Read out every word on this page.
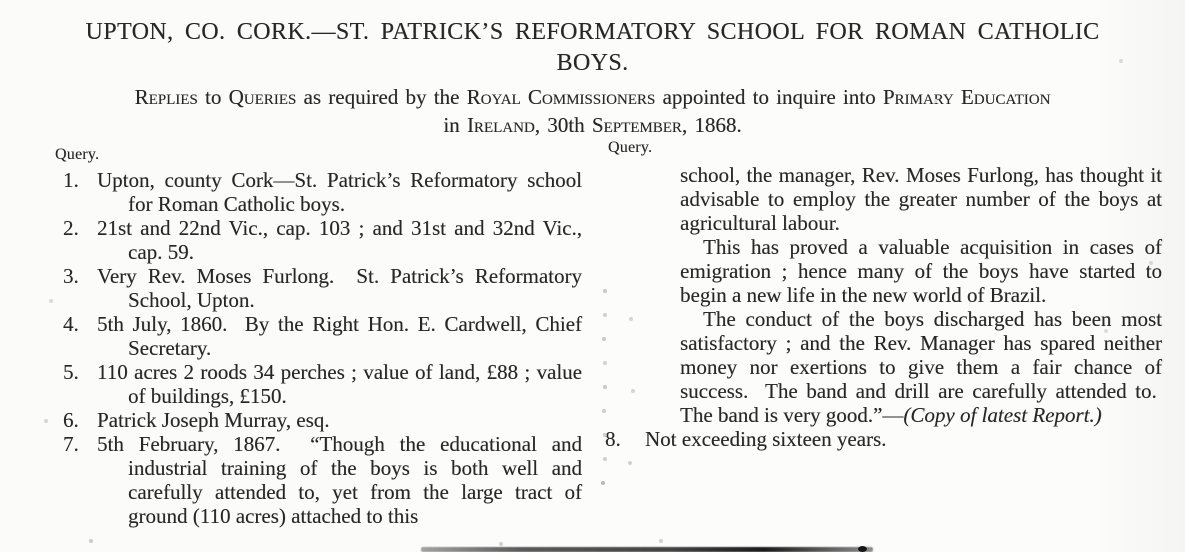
UPTON, CO. CORK.—ST. PATRICK’S REFORMATORY SCHOOL FOR ROMAN CATHOLIC
BOYS.

Replies to Queries as required by the Royal Commissioners appointed to inquire into Primary Education
in Ireland, 30th September, 1868.

Query.
1. Upton, county Cork—St. Patrick’s Reformatory school for Roman Catholic boys.
2. 21st and 22nd Vic., cap. 103 ; and 31st and 32nd Vic., cap. 59.
3. Very Rev. Moses Furlong.  St. Patrick’s Reformatory School, Upton.
4. 5th July, 1860.  By the Right Hon. E. Cardwell, Chief Secretary.
5. 110 acres 2 roods 34 perches ; value of land, £88 ; value of buildings, £150.
6. Patrick Joseph Murray, esq.
7. 5th February, 1867.  “Though the educational and industrial training of the boys is both well and carefully attended to, yet from the large tract of ground (110 acres) attached to this
Query.

school, the manager, Rev. Moses Furlong, has thought it advisable to employ the greater number of the boys at agricultural labour.

This has proved a valuable acquisition in cases of emigration ; hence many of the boys have started to begin a new life in the new world of Brazil.

The conduct of the boys discharged has been most satisfactory ; and the Rev. Manager has spared neither money nor exertions to give them a fair chance of success.  The band and drill are carefully attended to.  The band is very good.”—(Copy of latest Report.)

8. Not exceeding sixteen years.
